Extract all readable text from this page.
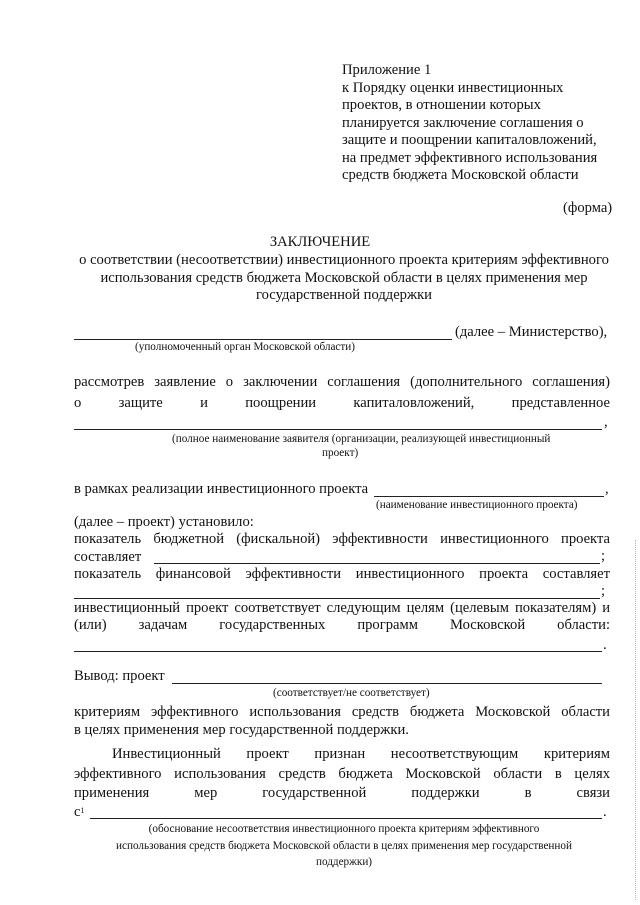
Приложение 1
к Порядку оценки инвестиционных
проектов, в отношении которых
планируется заключение соглашения о
защите и поощрении капиталовложений,
на предмет эффективного использования
средств бюджета Московской области
(форма)
ЗАКЛЮЧЕНИЕ
о соответствии (несоответствии) инвестиционного проекта критериям эффективного
использования средств бюджета Московской области в целях применения мер
государственной поддержки
(далее – Министерство),
(уполномоченный орган Московской области)
рассмотрев заявление о заключении соглашения (дополнительного соглашения)
о защите и поощрении капиталовложений, представленное
,
(полное наименование заявителя (организации, реализующей инвестиционный
проект)
в рамках реализации инвестиционного проекта	,
(наименование инвестиционного проекта)
(далее – проект) установило:
показатель бюджетной (фискальной) эффективности инвестиционного проекта
составляет	;
показатель финансовой эффективности инвестиционного проекта составляет
;
инвестиционный проект соответствует следующим целям (целевым показателям) и
(или) задачам государственных программ Московской области:
.
Вывод: проект
(соответствует/не соответствует)
критериям эффективного использования средств бюджета Московской области
в целях применения мер государственной поддержки.
Инвестиционный проект признан несоответствующим критериям
эффективного использования средств бюджета Московской области в целях
применения мер государственной поддержки в связи
$с^1$	.
(обоснование несоответствия инвестиционного проекта критериям эффективного
использования средств бюджета Московской области в целях применения мер государственной
поддержки)
